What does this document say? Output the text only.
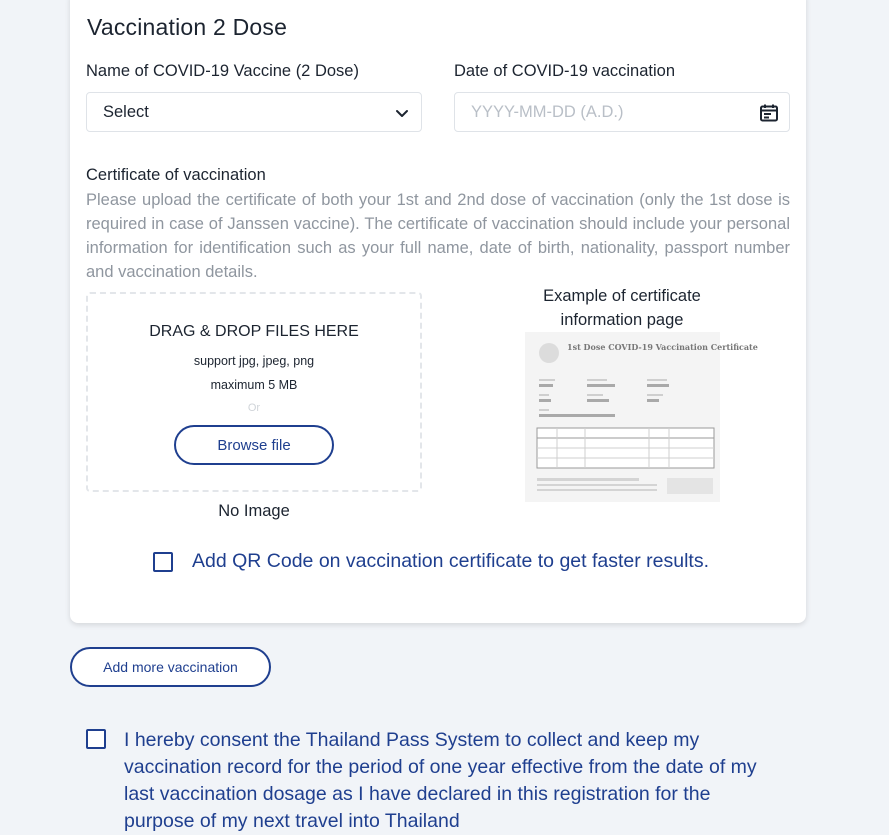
Vaccination 2 Dose
Name of COVID-19 Vaccine (2 Dose)
Select
Date of COVID-19 vaccination
YYYY-MM-DD (A.D.)
Certificate of vaccination
Please upload the certificate of both your 1st and 2nd dose of vaccination (only the 1st dose is required in case of Janssen vaccine). The certificate of vaccination should include your personal information for identification such as your full name, date of birth, nationality, passport number and vaccination details.
DRAG & DROP FILES HERE
support jpg, jpeg, png
maximum 5 MB
Or
Browse file
No Image
Example of certificate information page
1st Dose COVID-19 Vaccination Certificate
Add QR Code on vaccination certificate to get faster results.
Add more vaccination
I hereby consent the Thailand Pass System to collect and keep my vaccination record for the period of one year effective from the date of my last vaccination dosage as I have declared in this registration for the purpose of my next travel into Thailand
